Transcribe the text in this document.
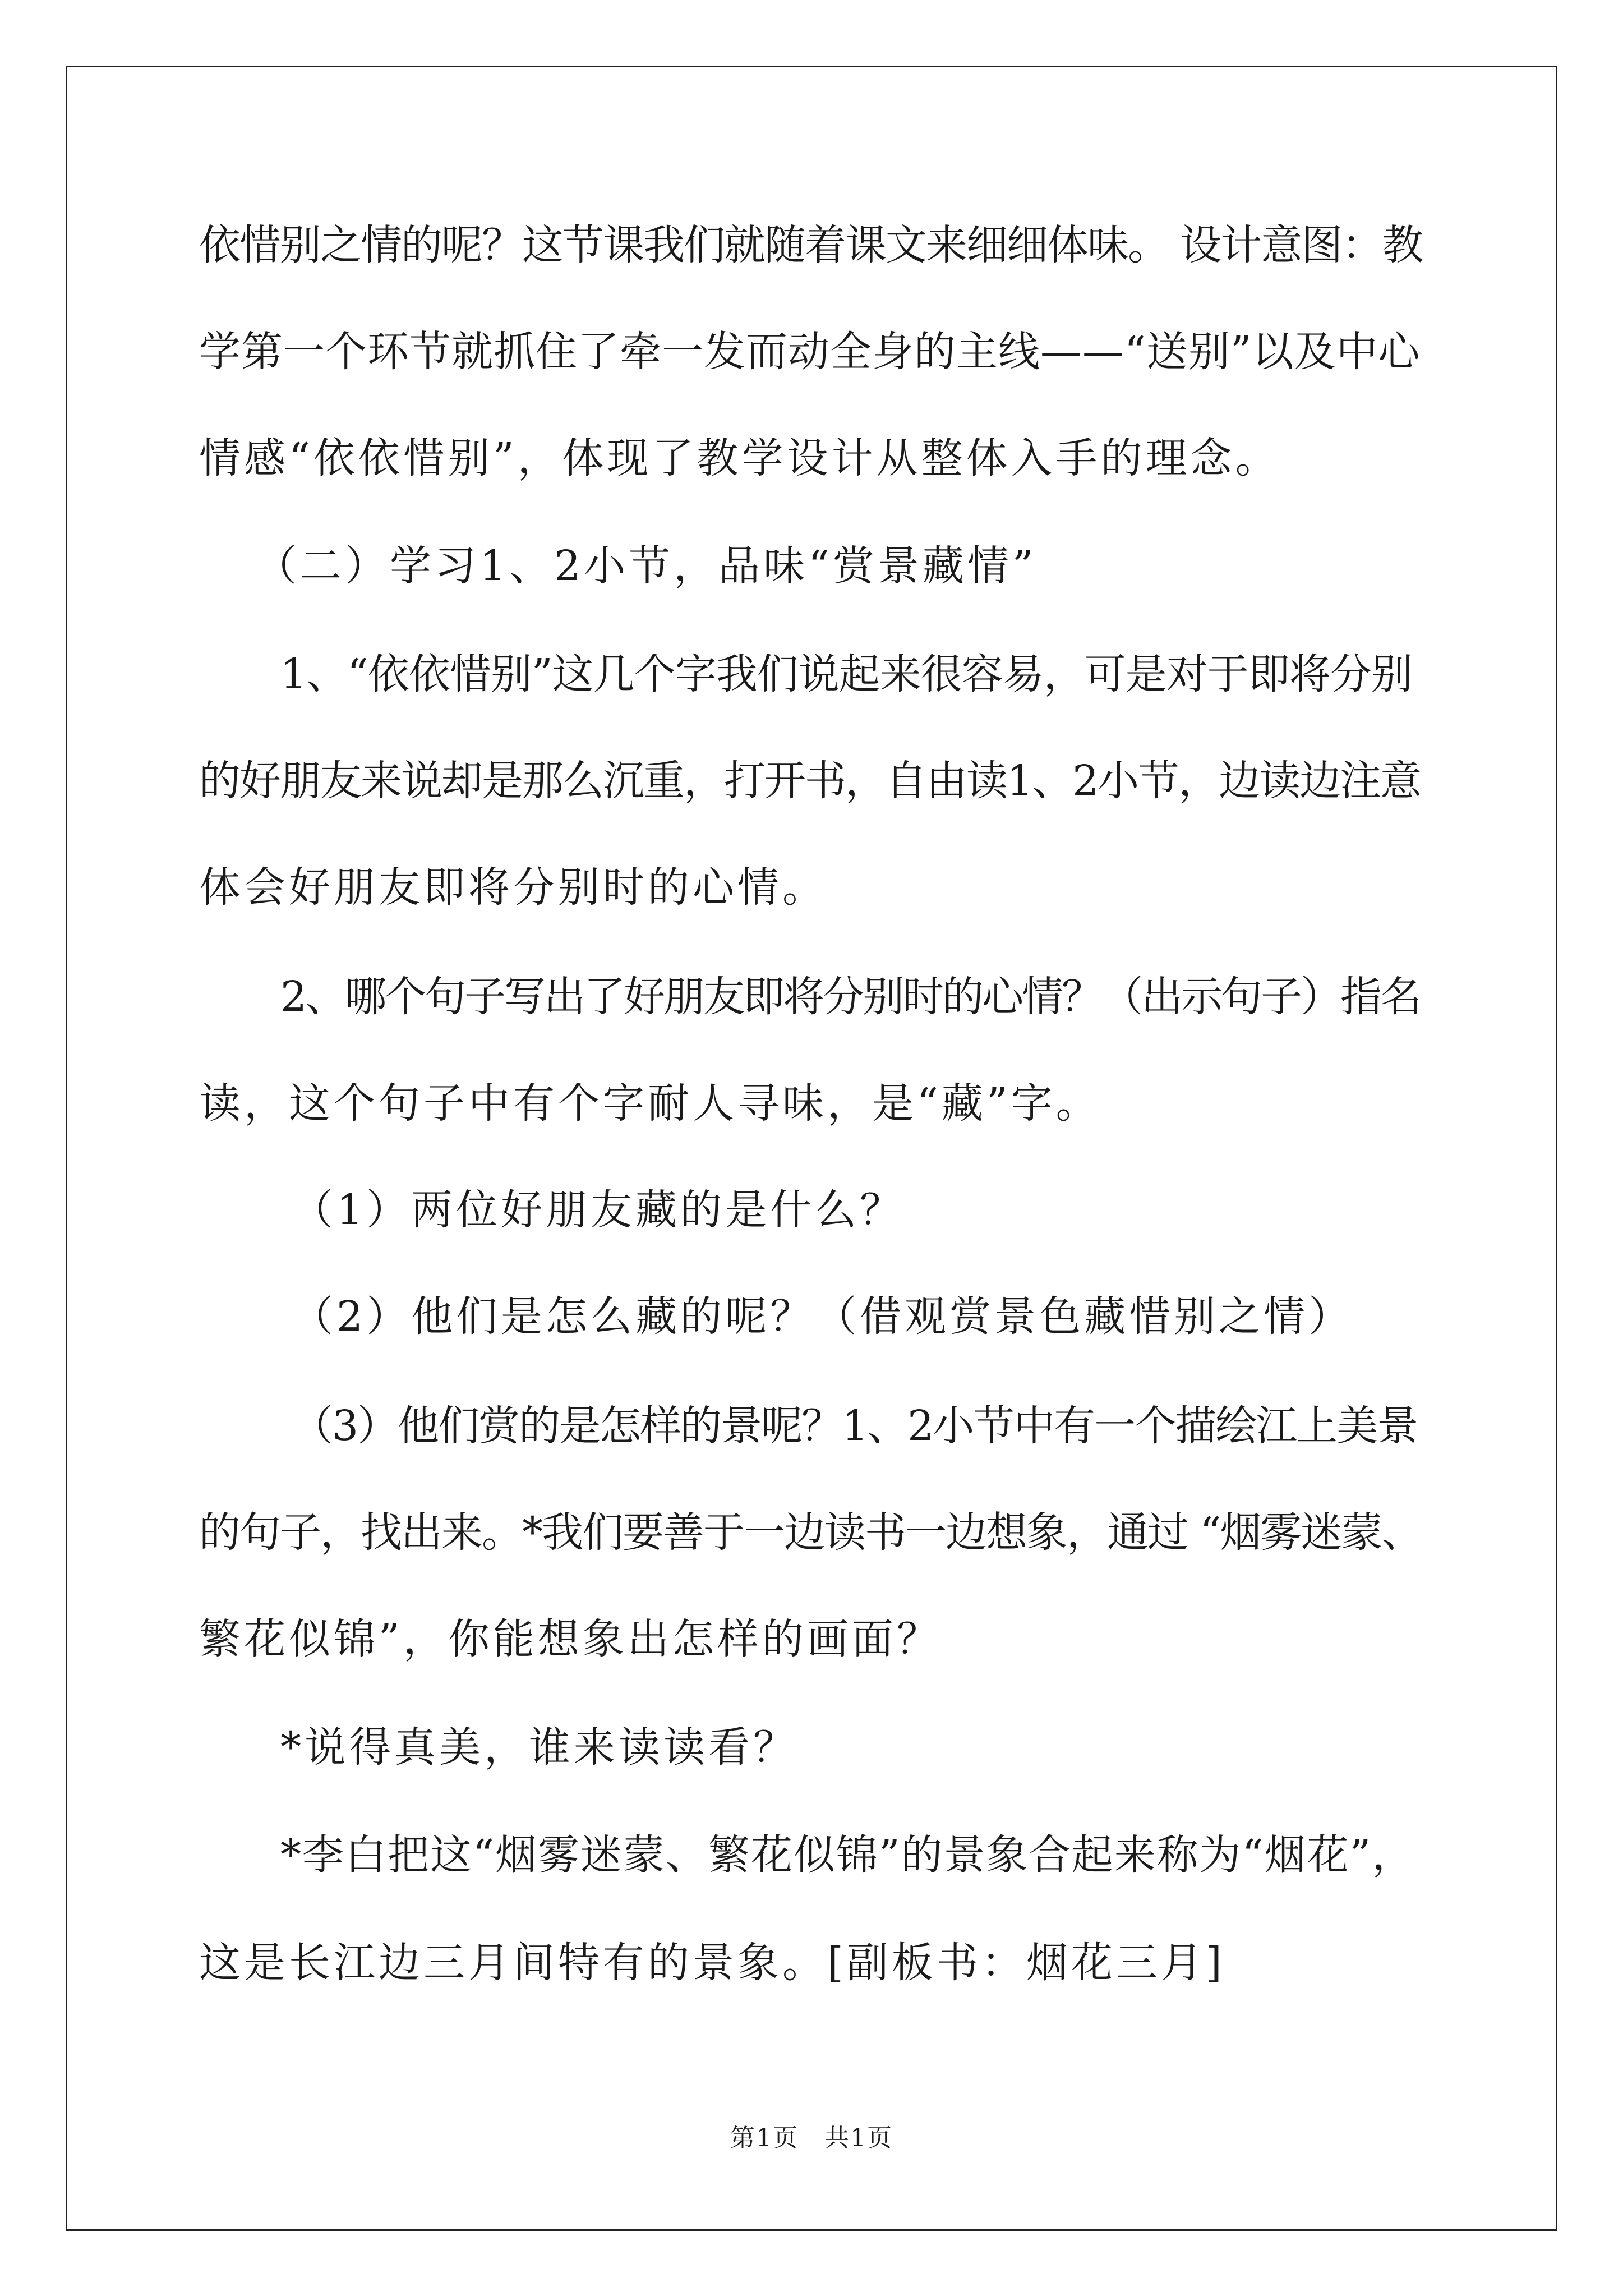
依惜别之情的呢？这节课我们就随着课文来细细体味。 设计意图：教
学第一个环节就抓住了牵一发而动全身的主线——“送别”以及中心
情感“依依惜别”，体现了教学设计从整体入手的理念。
（二）学习1、2小节，品味“赏景藏情”
1、“依依惜别”这几个字我们说起来很容易，可是对于即将分别
的好朋友来说却是那么沉重，打开书，自由读1、2小节，边读边注意
体会好朋友即将分别时的心情。
2、哪个句子写出了好朋友即将分别时的心情？（出示句子）指名
读，这个句子中有个字耐人寻味，是“藏”字。
（1）两位好朋友藏的是什么？
（2）他们是怎么藏的呢？（借观赏景色藏惜别之情）
（3）他们赏的是怎样的景呢？1、2小节中有一个描绘江上美景
的句子，找出来。*我们要善于一边读书一边想象，通过 “烟雾迷蒙、
繁花似锦”，你能想象出怎样的画面？
*说得真美，谁来读读看？
*李白把这“烟雾迷蒙、繁花似锦”的景象合起来称为“烟花”，
这是长江边三月间特有的景象。[副板书：烟花三月]
第1页　共1页
